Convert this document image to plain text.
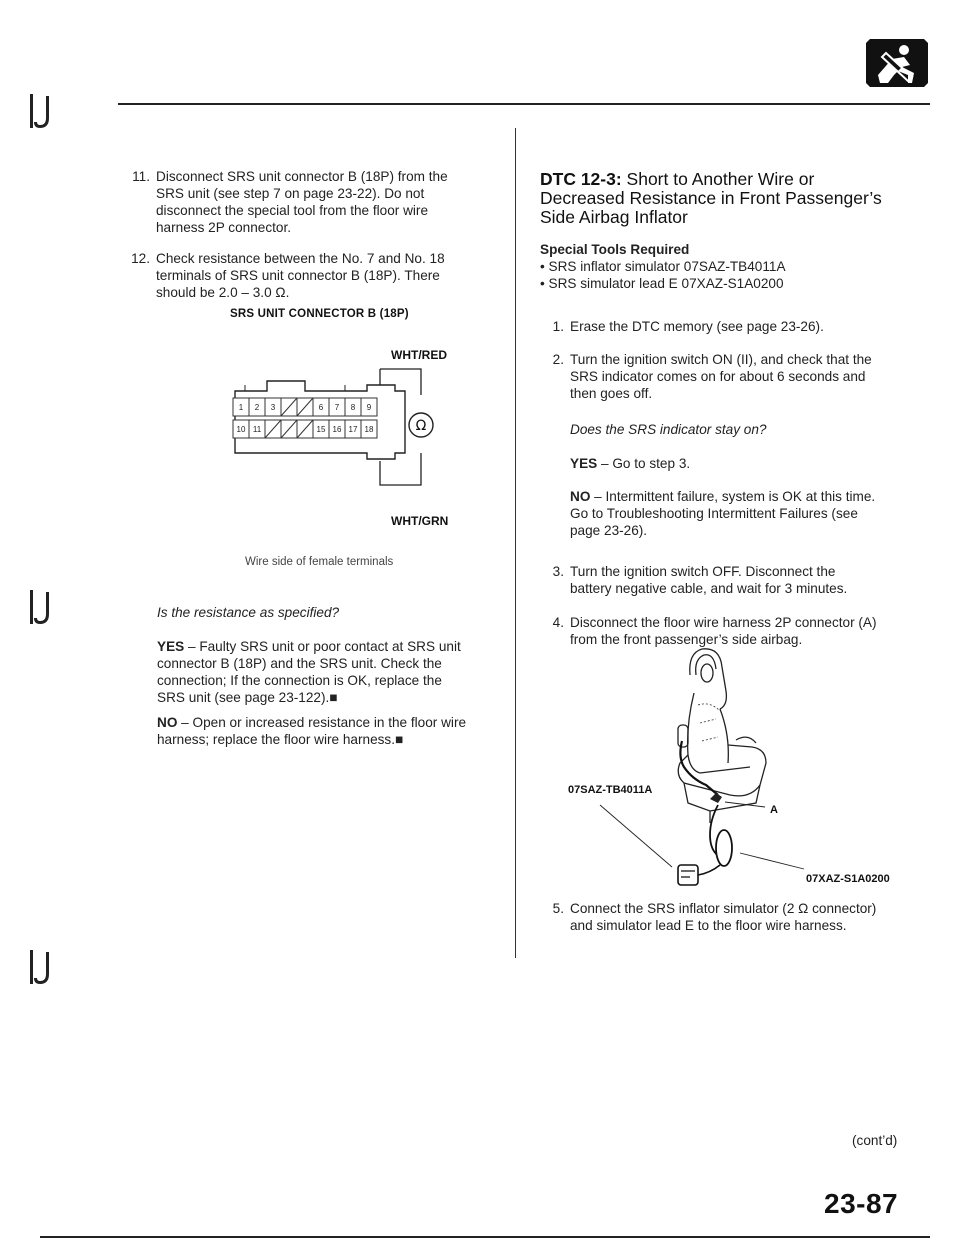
11. Disconnect SRS unit connector B (18P) from the
SRS unit (see step 7 on page 23-22). Do not
disconnect the special tool from the floor wire
harness 2P connector.
12. Check resistance between the No. 7 and No. 18
terminals of SRS unit connector B (18P). There
should be 2.0 – 3.0 Ω.
SRS UNIT CONNECTOR B (18P)
WHT/RED
WHT/GRN
1 2 3	6 7 8 9
10 11	15 16 17 18	Ω
Wire side of female terminals
Is the resistance as specified?
YES – Faulty SRS unit or poor contact at SRS unit
connector B (18P) and the SRS unit. Check the
connection; If the connection is OK, replace the
SRS unit (see page 23-122).■
NO – Open or increased resistance in the floor wire
harness; replace the floor wire harness.■
DTC 12-3: Short to Another Wire or
Decreased Resistance in Front Passenger’s
Side Airbag Inflator
Special Tools Required
• SRS inflator simulator 07SAZ-TB4011A
• SRS simulator lead E 07XAZ-S1A0200
1. Erase the DTC memory (see page 23-26).
2. Turn the ignition switch ON (II), and check that the
SRS indicator comes on for about 6 seconds and
then goes off.
Does the SRS indicator stay on?
YES – Go to step 3.
NO – Intermittent failure, system is OK at this time.
Go to Troubleshooting Intermittent Failures (see
page 23-26).
3. Turn the ignition switch OFF. Disconnect the
battery negative cable, and wait for 3 minutes.
4. Disconnect the floor wire harness 2P connector (A)
from the front passenger’s side airbag.
07SAZ-TB4011A
A
07XAZ-S1A0200
5. Connect the SRS inflator simulator (2 Ω connector)
and simulator lead E to the floor wire harness.
(cont’d)
23-87
